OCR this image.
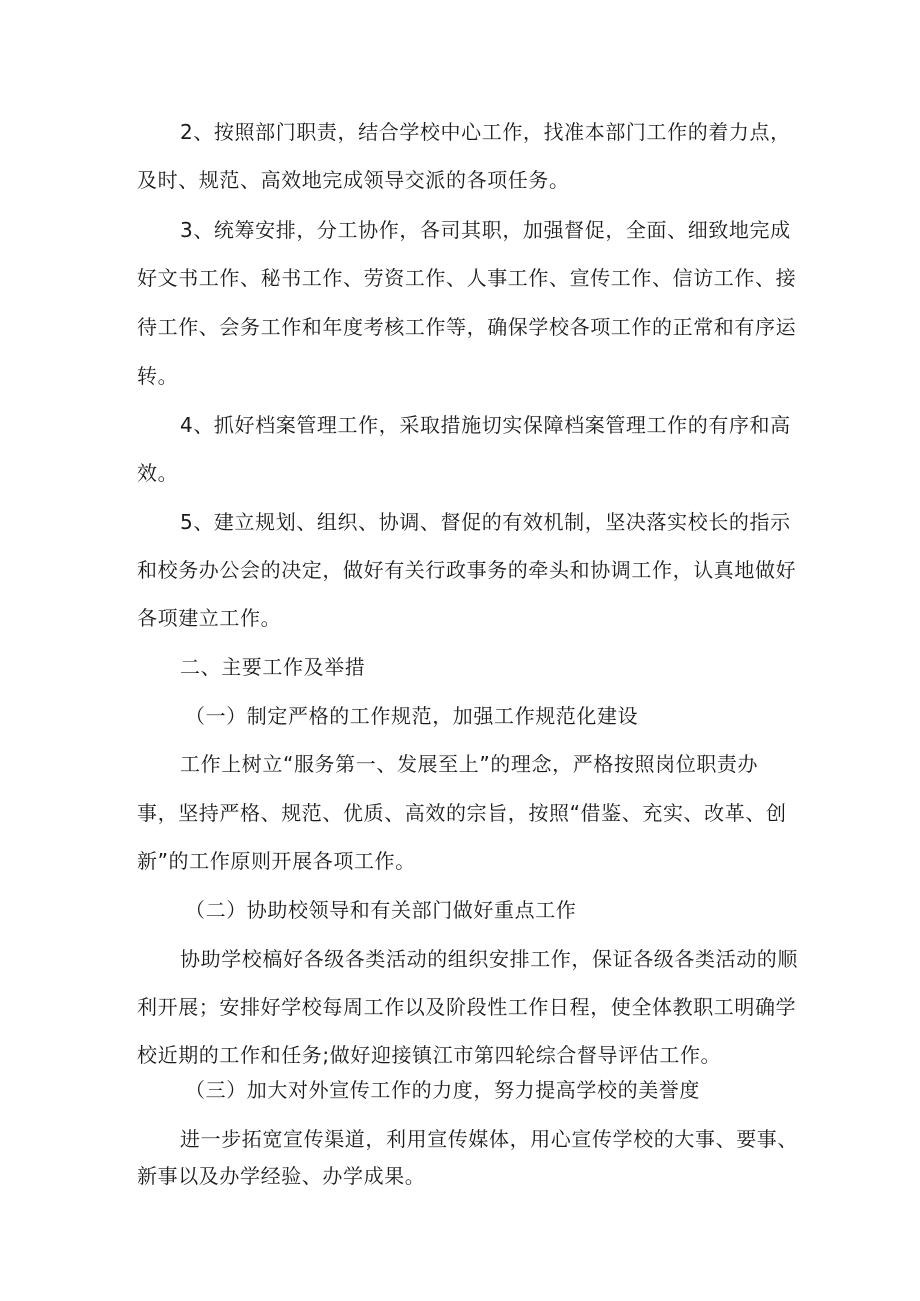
2、按照部门职责，结合学校中心工作，找准本部门工作的着力点，
及时、规范、高效地完成领导交派的各项任务。
3、统筹安排，分工协作，各司其职，加强督促，全面、细致地完成
好文书工作、秘书工作、劳资工作、人事工作、宣传工作、信访工作、接
待工作、会务工作和年度考核工作等，确保学校各项工作的正常和有序运
转。
4、抓好档案管理工作，采取措施切实保障档案管理工作的有序和高
效。
5、建立规划、组织、协调、督促的有效机制，坚决落实校长的指示
和校务办公会的决定，做好有关行政事务的牵头和协调工作，认真地做好
各项建立工作。
二、主要工作及举措
（一）制定严格的工作规范，加强工作规范化建设
工作上树立“服务第一、发展至上”的理念，严格按照岗位职责办
事，坚持严格、规范、优质、高效的宗旨，按照“借鉴、充实、改革、创
新”的工作原则开展各项工作。
（二）协助校领导和有关部门做好重点工作
协助学校槁好各级各类活动的组织安排工作，保证各级各类活动的顺
利开展；安排好学校每周工作以及阶段性工作日程，使全体教职工明确学
校近期的工作和任务;做好迎接镇江市第四轮综合督导评估工作。
（三）加大对外宣传工作的力度，努力提高学校的美誉度
进一步拓宽宣传渠道，利用宣传媒体，用心宣传学校的大事、要事、
新事以及办学经验、办学成果。
